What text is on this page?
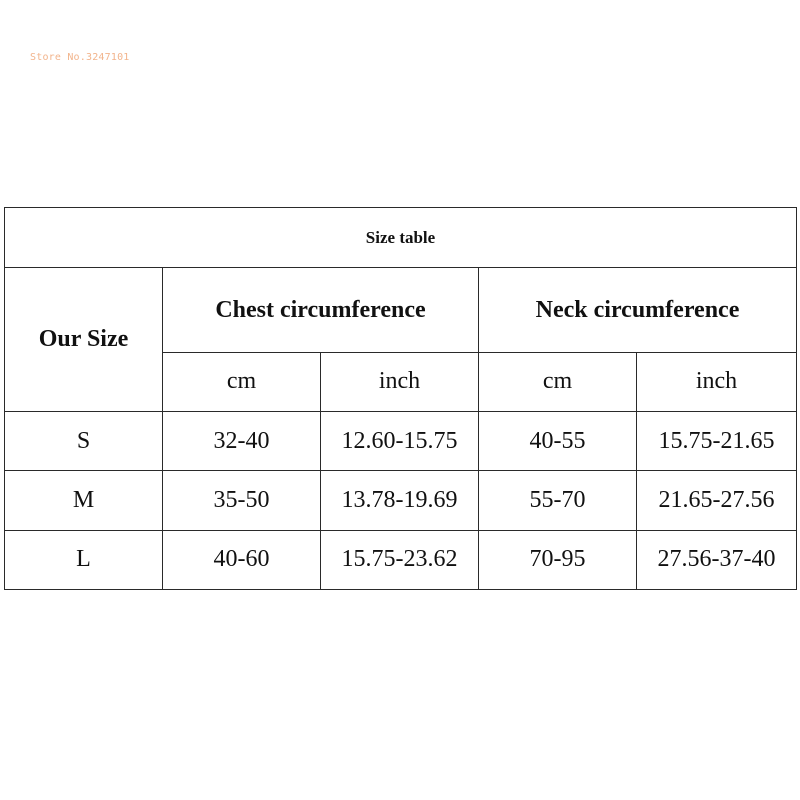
Store No.3247101
Size table				
Our Size	Chest circumference		Neck circumference	
	cm	inch	cm	inch
S	32-40	12.60-15.75	40-55	15.75-21.65
M	35-50	13.78-19.69	55-70	21.65-27.56
L	40-60	15.75-23.62	70-95	27.56-37-40
